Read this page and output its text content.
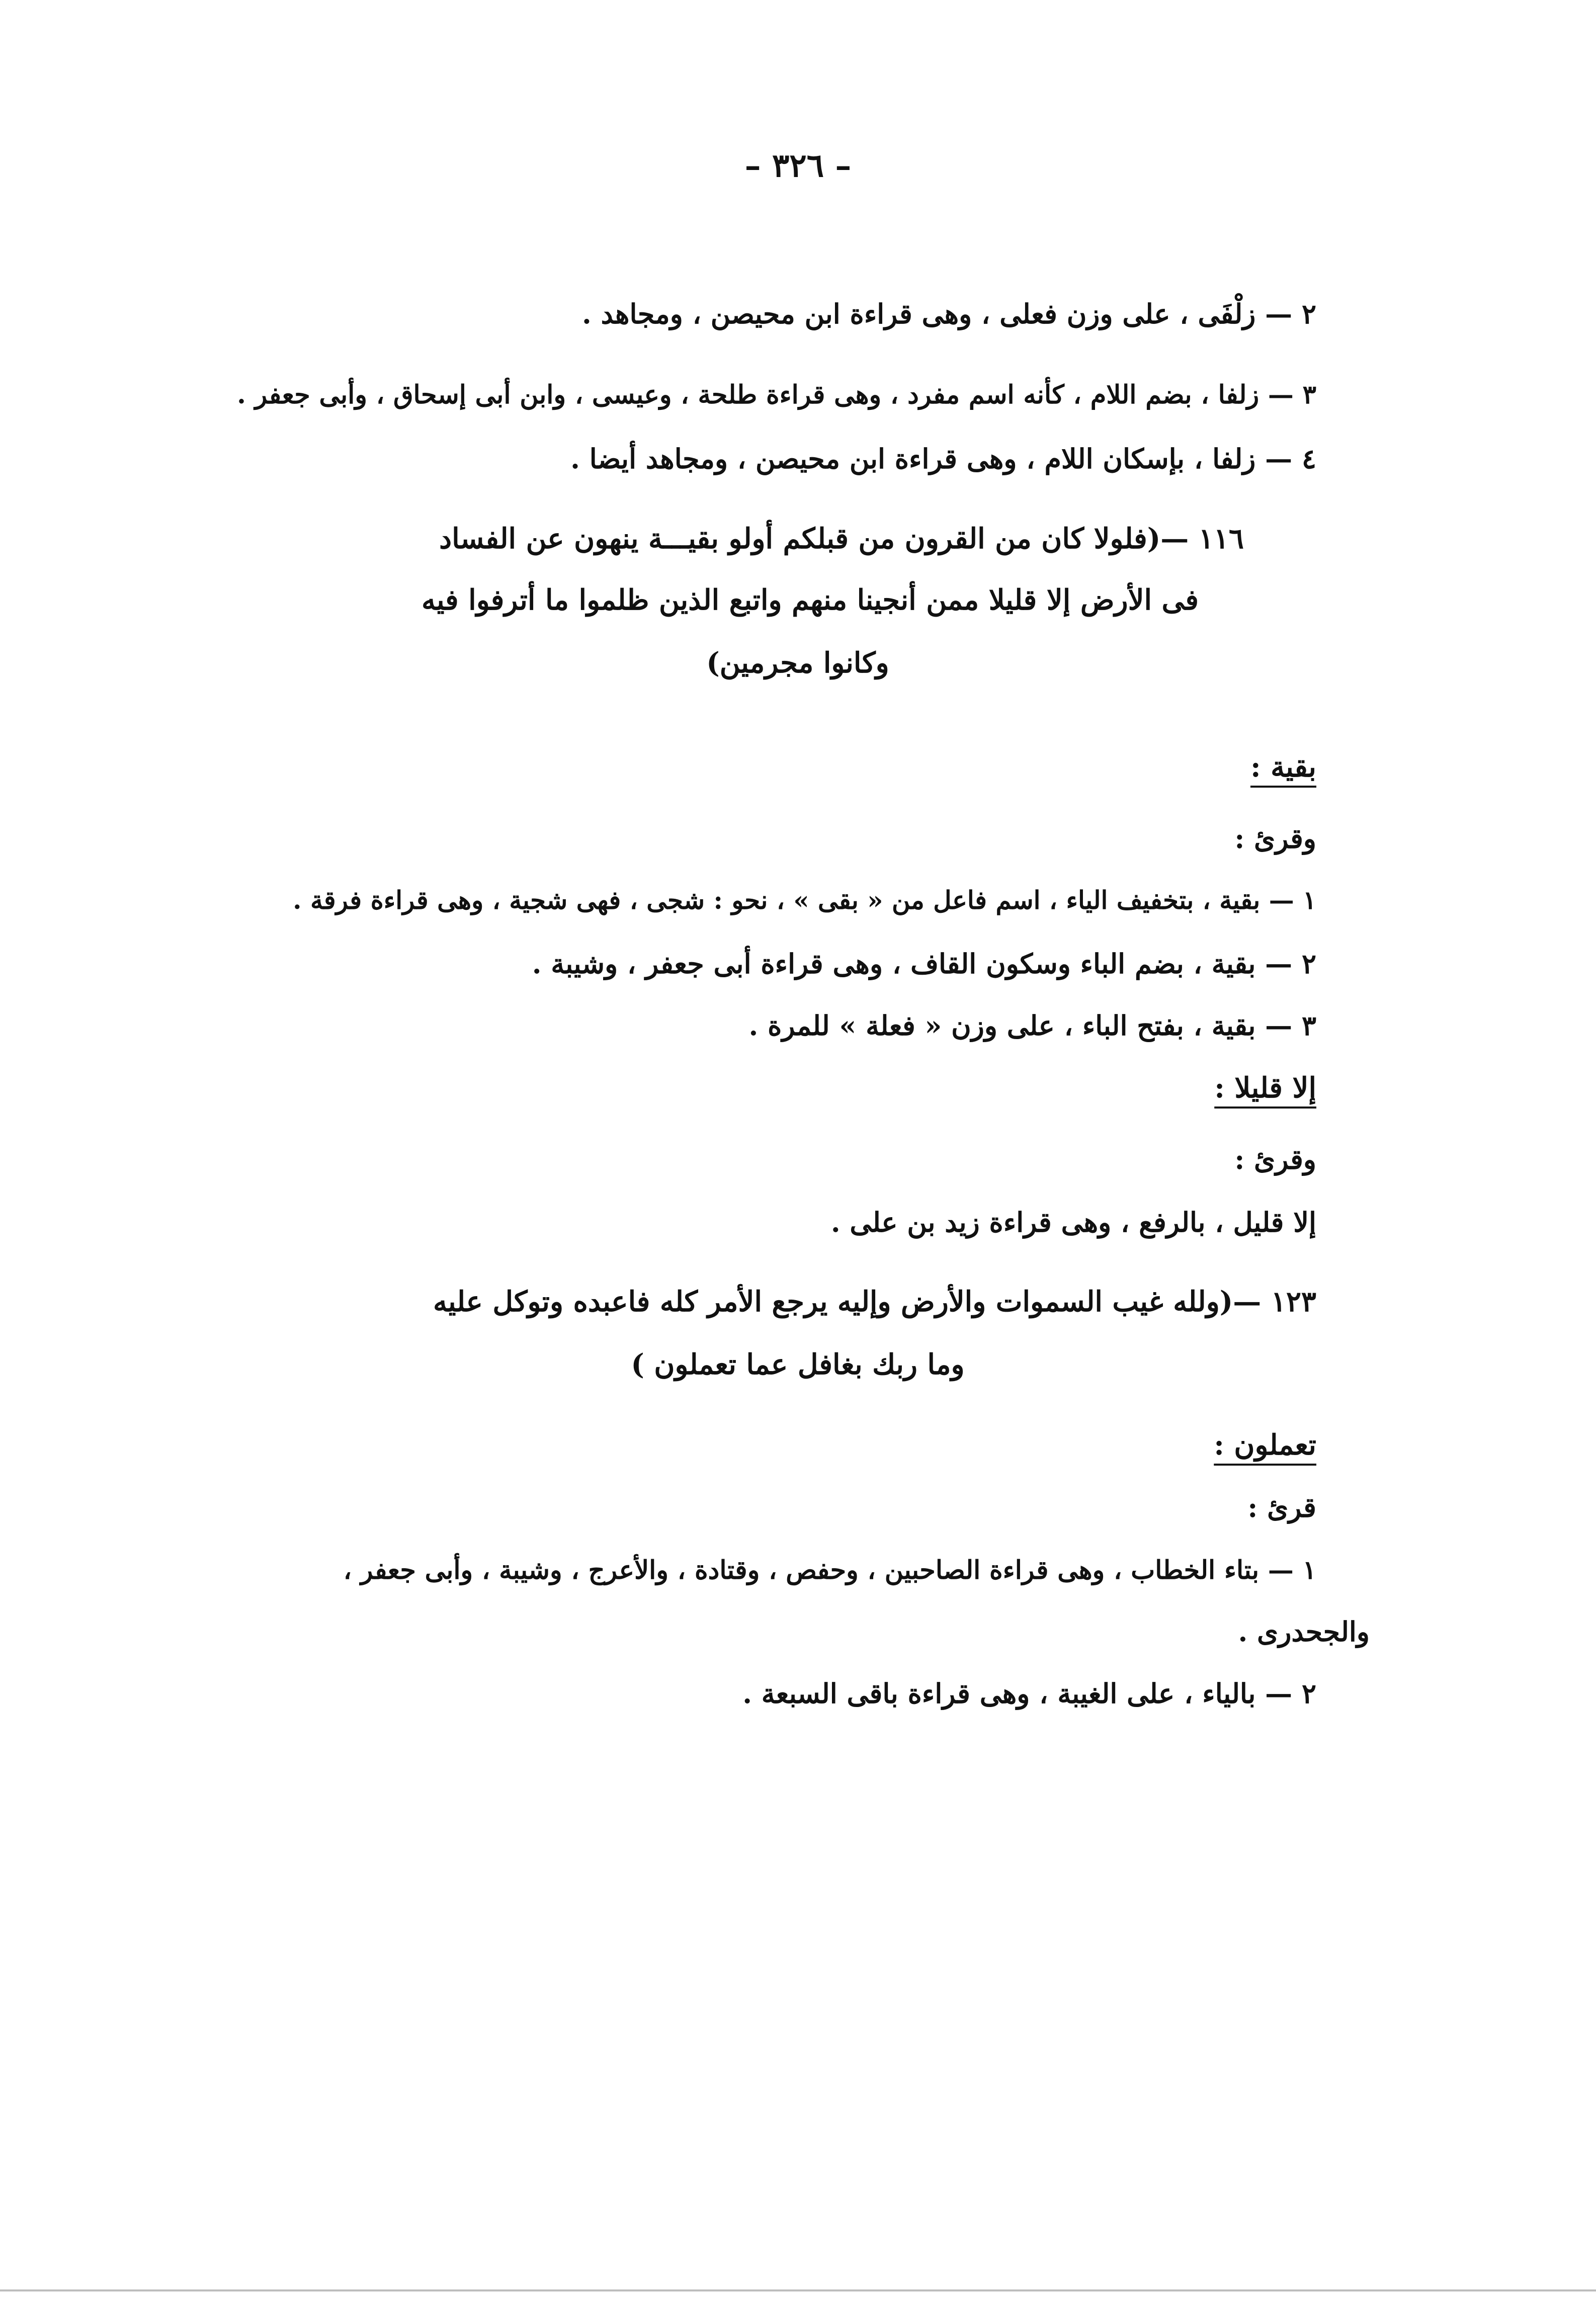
– ٣٢٦ –
٢ — زلْفَى ، على وزن فعلى ، وهى قراءة ابن محيصن ، ومجاهد .
٣ — زلفا ، بضم اللام ، كأنه اسم مفرد ، وهى قراءة طلحة ، وعيسى ، وابن أبى إسحاق ، وأبى جعفر .
٤ — زلفا ، بإسكان اللام ، وهى قراءة ابن محيصن ، ومجاهد أيضا .
١١٦ —(فلولا كان من القرون من قبلكم أولو بقيـــة ينهون عن الفساد
فى الأرض إلا قليلا ممن أنجينا منهم واتبع الذين ظلموا ما أترفوا فيه
وكانوا مجرمين)
بقية :
وقرئ :
١ — بقية ، بتخفيف الياء ، اسم فاعل من « بقى » ، نحو : شجى ، فهى شجية ، وهى قراءة فرقة .
٢ — بقية ، بضم الباء وسكون القاف ، وهى قراءة أبى جعفر ، وشيبة .
٣ — بقية ، بفتح الباء ، على وزن « فعلة » للمرة .
إلا قليلا :
وقرئ :
إلا قليل ، بالرفع ، وهى قراءة زيد بن على .
١٢٣ —(ولله غيب السموات والأرض وإليه يرجع الأمر كله فاعبده وتوكل عليه
وما ربك بغافل عما تعملون )
تعملون :
قرئ :
١ — بتاء الخطاب ، وهى قراءة الصاحبين ، وحفص ، وقتادة ، والأعرج ، وشيبة ، وأبى جعفر ،
والجحدرى .
٢ — بالياء ، على الغيبة ، وهى قراءة باقى السبعة .
